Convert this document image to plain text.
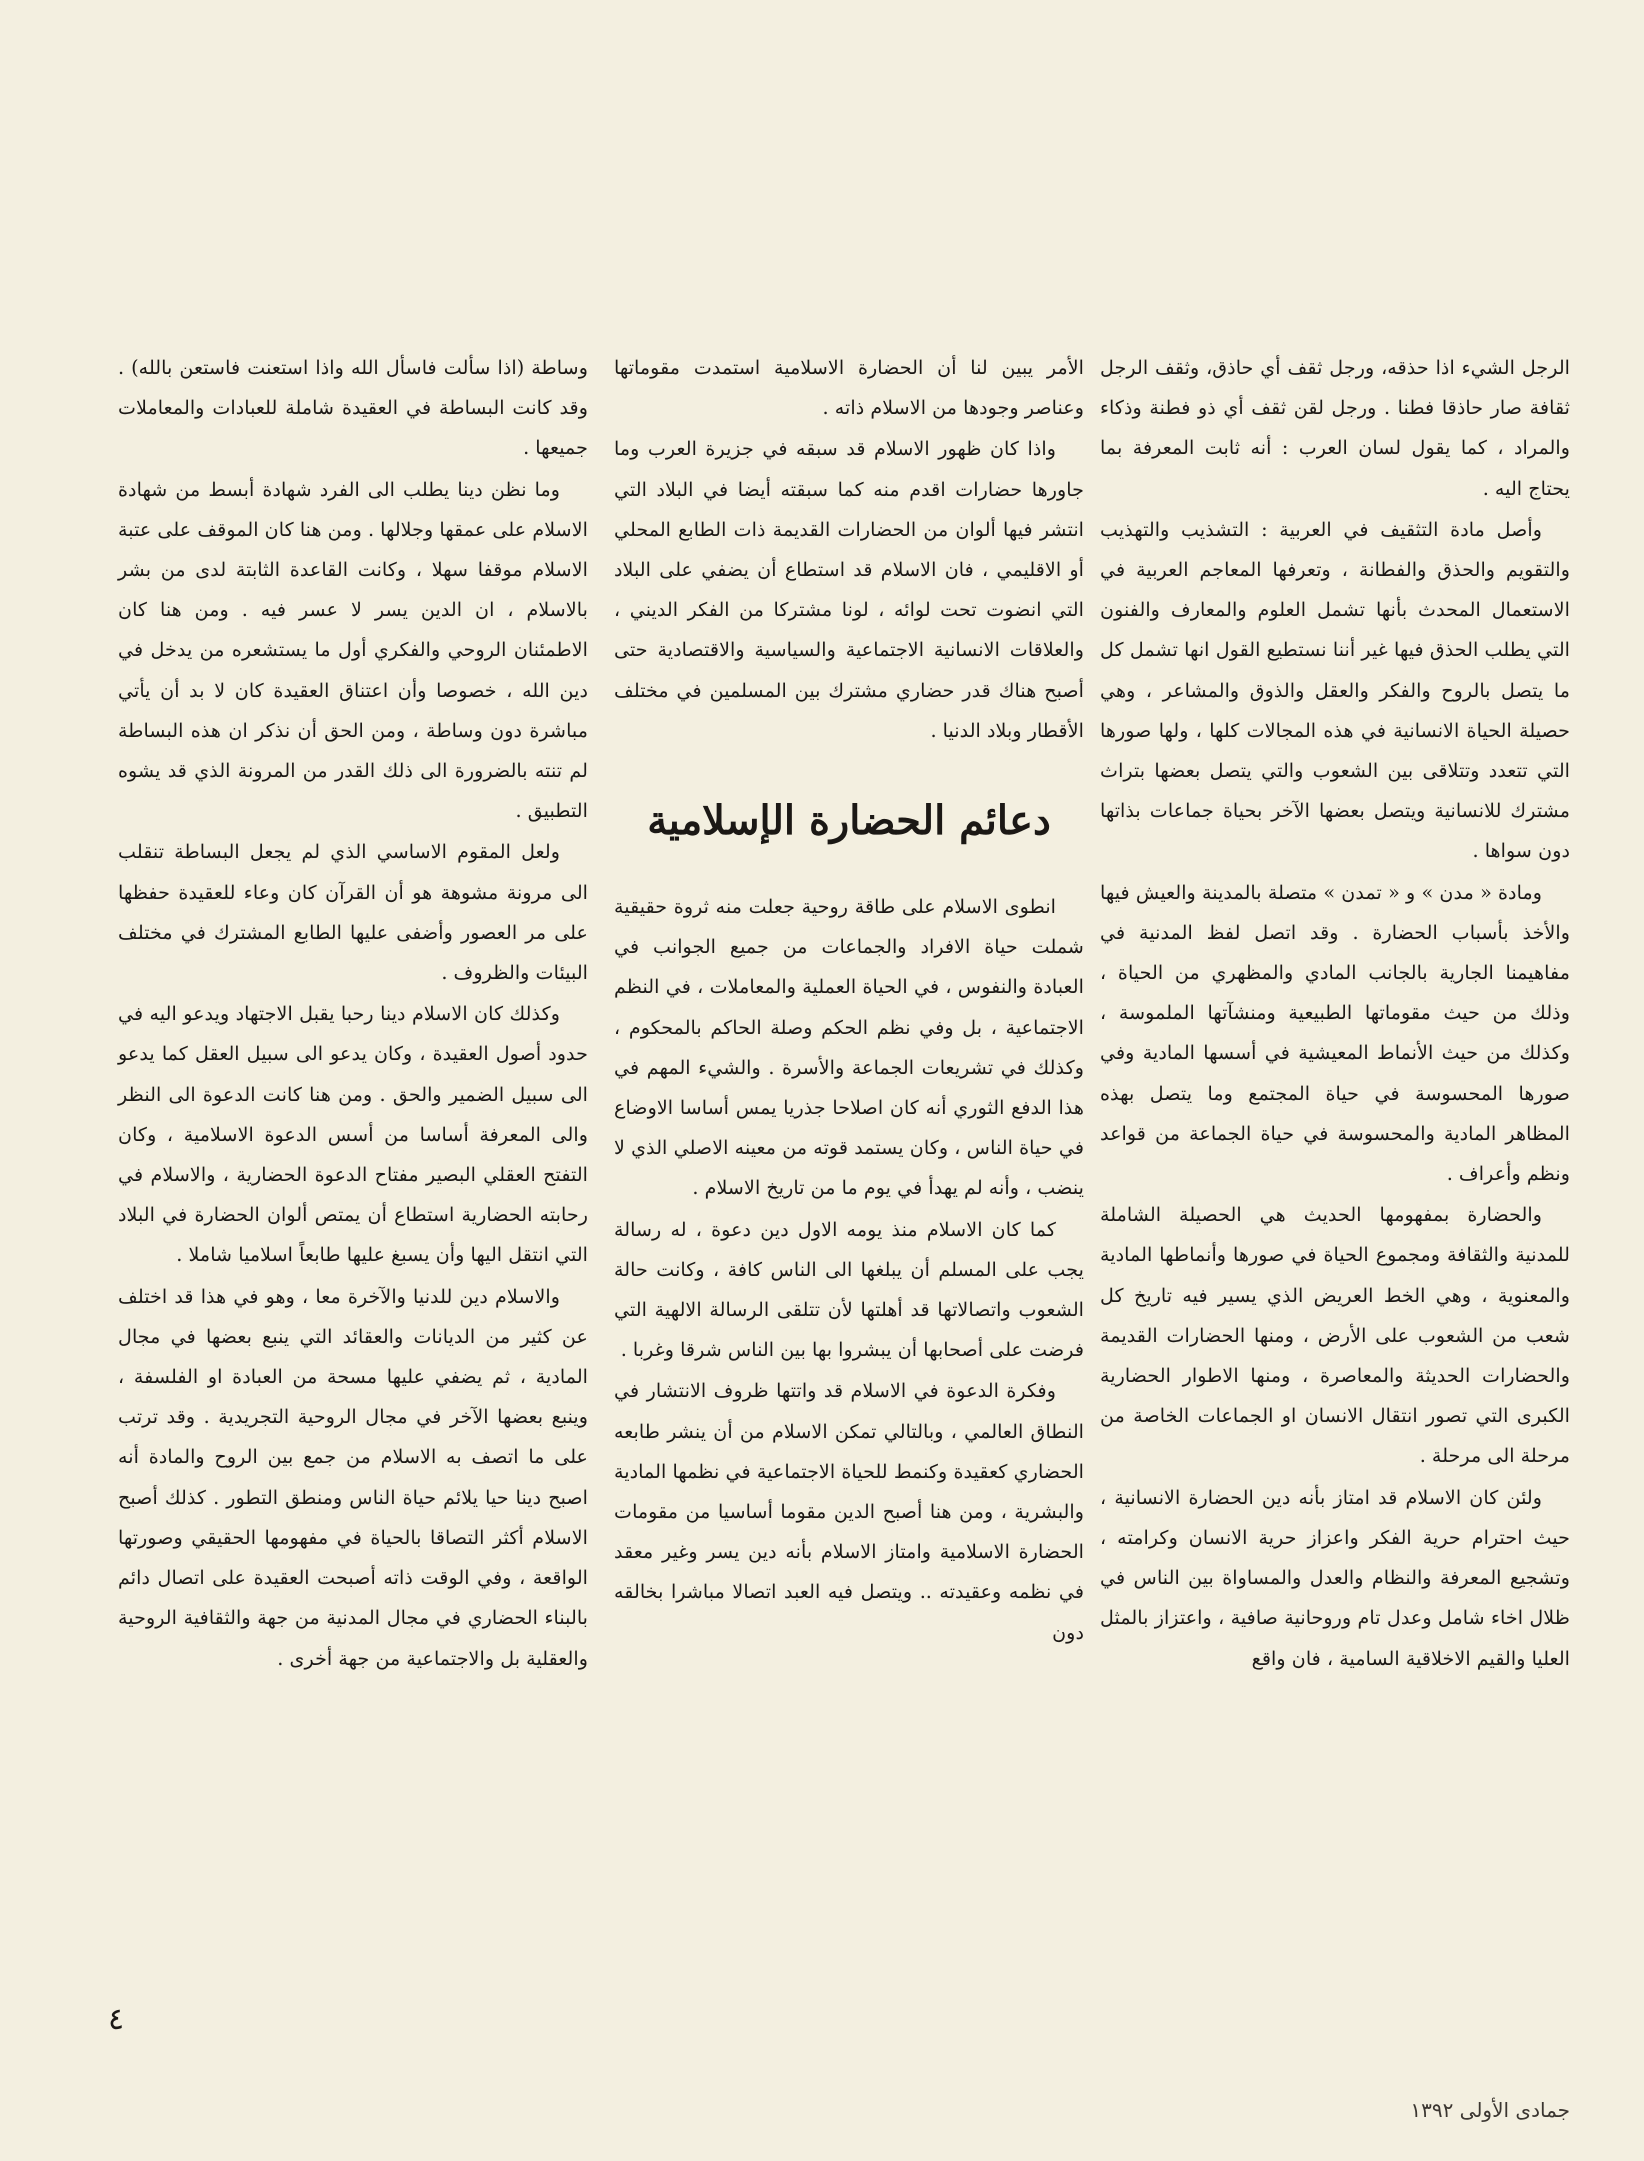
الرجل الشيء اذا حذقه، ورجل ثقف أي حاذق، وثقف الرجل ثقافة صار حاذقا فطنا . ورجل لقن ثقف أي ذو فطنة وذكاء والمراد ، كما يقول لسان العرب : أنه ثابت المعرفة بما يحتاج اليه .

وأصل مادة التثقيف في العربية : التشذيب والتهذيب والتقويم والحذق والفطانة ، وتعرفها المعاجم العربية في الاستعمال المحدث بأنها تشمل العلوم والمعارف والفنون التي يطلب الحذق فيها غير أننا نستطيع القول انها تشمل كل ما يتصل بالروح والفكر والعقل والذوق والمشاعر ، وهي حصيلة الحياة الانسانية في هذه المجالات كلها ، ولها صورها التي تتعدد وتتلاقى بين الشعوب والتي يتصل بعضها بتراث مشترك للانسانية ويتصل بعضها الآخر بحياة جماعات بذاتها دون سواها .

ومادة « مدن » و « تمدن » متصلة بالمدينة والعيش فيها والأخذ بأسباب الحضارة . وقد اتصل لفظ المدنية في مفاهيمنا الجارية بالجانب المادي والمظهري من الحياة ، وذلك من حيث مقوماتها الطبيعية ومنشآتها الملموسة ، وكذلك من حيث الأنماط المعيشية في أسسها المادية وفي صورها المحسوسة في حياة المجتمع وما يتصل بهذه المظاهر المادية والمحسوسة في حياة الجماعة من قواعد ونظم وأعراف .

والحضارة بمفهومها الحديث هي الحصيلة الشاملة للمدنية والثقافة ومجموع الحياة في صورها وأنماطها المادية والمعنوية ، وهي الخط العريض الذي يسير فيه تاريخ كل شعب من الشعوب على الأرض ، ومنها الحضارات القديمة والحضارات الحديثة والمعاصرة ، ومنها الاطوار الحضارية الكبرى التي تصور انتقال الانسان او الجماعات الخاصة من مرحلة الى مرحلة .

ولئن كان الاسلام قد امتاز بأنه دين الحضارة الانسانية ، حيث احترام حرية الفكر واعزاز حرية الانسان وكرامته ، وتشجيع المعرفة والنظام والعدل والمساواة بين الناس في ظلال اخاء شامل وعدل تام وروحانية صافية ، واعتزاز بالمثل العليا والقيم الاخلاقية السامية ، فان واقع

الأمر يبين لنا أن الحضارة الاسلامية استمدت مقوماتها وعناصر وجودها من الاسلام ذاته .

واذا كان ظهور الاسلام قد سبقه في جزيرة العرب وما جاورها حضارات اقدم منه كما سبقته أيضا في البلاد التي انتشر فيها ألوان من الحضارات القديمة ذات الطابع المحلي أو الاقليمي ، فان الاسلام قد استطاع أن يضفي على البلاد التي انضوت تحت لوائه ، لونا مشتركا من الفكر الديني ، والعلاقات الانسانية الاجتماعية والسياسية والاقتصادية حتى أصبح هناك قدر حضاري مشترك بين المسلمين في مختلف الأقطار وبلاد الدنيا .

دعائم الحضارة الإسلامية

انطوى الاسلام على طاقة روحية جعلت منه ثروة حقيقية شملت حياة الافراد والجماعات من جميع الجوانب في العبادة والنفوس ، في الحياة العملية والمعاملات ، في النظم الاجتماعية ، بل وفي نظم الحكم وصلة الحاكم بالمحكوم ، وكذلك في تشريعات الجماعة والأسرة . والشيء المهم في هذا الدفع الثوري أنه كان اصلاحا جذريا يمس أساسا الاوضاع في حياة الناس ، وكان يستمد قوته من معينه الاصلي الذي لا ينضب ، وأنه لم يهدأ في يوم ما من تاريخ الاسلام .

كما كان الاسلام منذ يومه الاول دين دعوة ، له رسالة يجب على المسلم أن يبلغها الى الناس كافة ، وكانت حالة الشعوب واتصالاتها قد أهلتها لأن تتلقى الرسالة الالهية التي فرضت على أصحابها أن يبشروا بها بين الناس شرقا وغربا .

وفكرة الدعوة في الاسلام قد واتتها ظروف الانتشار في النطاق العالمي ، وبالتالي تمكن الاسلام من أن ينشر طابعه الحضاري كعقيدة وكنمط للحياة الاجتماعية في نظمها المادية والبشرية ، ومن هنا أصبح الدين مقوما أساسيا من مقومات الحضارة الاسلامية وامتاز الاسلام بأنه دين يسر وغير معقد في نظمه وعقيدته .. ويتصل فيه العبد اتصالا مباشرا بخالقه دون

وساطة (اذا سألت فاسأل الله واذا استعنت فاستعن بالله) . وقد كانت البساطة في العقيدة شاملة للعبادات والمعاملات جميعها .

وما نظن دينا يطلب الى الفرد شهادة أبسط من شهادة الاسلام على عمقها وجلالها . ومن هنا كان الموقف على عتبة الاسلام موقفا سهلا ، وكانت القاعدة الثابتة لدى من بشر بالاسلام ، ان الدين يسر لا عسر فيه . ومن هنا كان الاطمئنان الروحي والفكري أول ما يستشعره من يدخل في دين الله ، خصوصا وأن اعتناق العقيدة كان لا بد أن يأتي مباشرة دون وساطة ، ومن الحق أن نذكر ان هذه البساطة لم تنته بالضرورة الى ذلك القدر من المرونة الذي قد يشوه التطبيق .

ولعل المقوم الاساسي الذي لم يجعل البساطة تنقلب الى مرونة مشوهة هو أن القرآن كان وعاء للعقيدة حفظها على مر العصور وأضفى عليها الطابع المشترك في مختلف البيئات والظروف .

وكذلك كان الاسلام دينا رحبا يقبل الاجتهاد ويدعو اليه في حدود أصول العقيدة ، وكان يدعو الى سبيل العقل كما يدعو الى سبيل الضمير والحق . ومن هنا كانت الدعوة الى النظر والى المعرفة أساسا من أسس الدعوة الاسلامية ، وكان التفتح العقلي البصير مفتاح الدعوة الحضارية ، والاسلام في رحابته الحضارية استطاع أن يمتص ألوان الحضارة في البلاد التي انتقل اليها وأن يسبغ عليها طابعاً اسلاميا شاملا .

والاسلام دين للدنيا والآخرة معا ، وهو في هذا قد اختلف عن كثير من الديانات والعقائد التي ينبع بعضها في مجال المادية ، ثم يضفي عليها مسحة من العبادة او الفلسفة ، وينبع بعضها الآخر في مجال الروحية التجريدية . وقد ترتب على ما اتصف به الاسلام من جمع بين الروح والمادة أنه اصبح دينا حيا يلائم حياة الناس ومنطق التطور . كذلك أصبح الاسلام أكثر التصاقا بالحياة في مفهومها الحقيقي وصورتها الواقعة ، وفي الوقت ذاته أصبحت العقيدة على اتصال دائم بالبناء الحضاري في مجال المدنية من جهة والثقافية الروحية والعقلية بل والاجتماعية من جهة أخرى .

٤
جمادى الأولى ١٣٩٢
